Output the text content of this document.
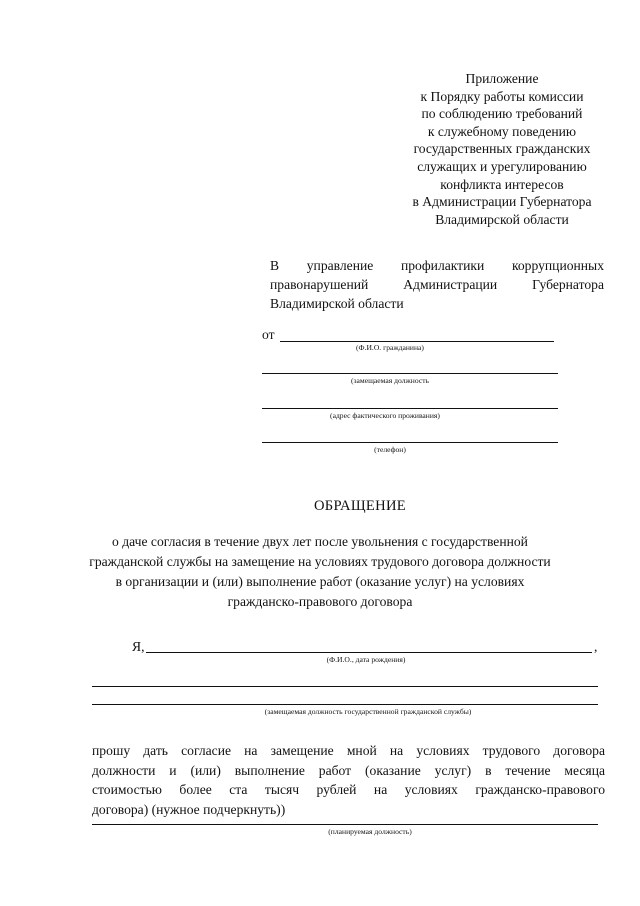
Приложение
к Порядку работы комиссии
по соблюдению требований
к служебному поведению
государственных гражданских
служащих и урегулированию
конфликта интересов
в Администрации Губернатора
Владимирской области
В управление профилактики коррупционных
правонарушений Администрации Губернатора
Владимирской области
от
(Ф.И.О. гражданина)
(замещаемая должность
(адрес фактического проживания)
(телефон)
ОБРАЩЕНИЕ
о даче согласия в течение двух лет после увольнения с государственной
гражданской службы на замещение на условиях трудового договора должности
в организации и (или) выполнение работ (оказание услуг) на условиях
гражданско-правового договора
Я,	,
(Ф.И.О., дата рождения)
(замещаемая должность государственной гражданской службы)
прошу дать согласие на замещение мной на условиях трудового договора
должности и (или) выполнение работ (оказание услуг) в течение месяца
стоимостью более ста тысяч рублей на условиях гражданско-правового
договора) (нужное подчеркнуть))
(планируемая должность)
